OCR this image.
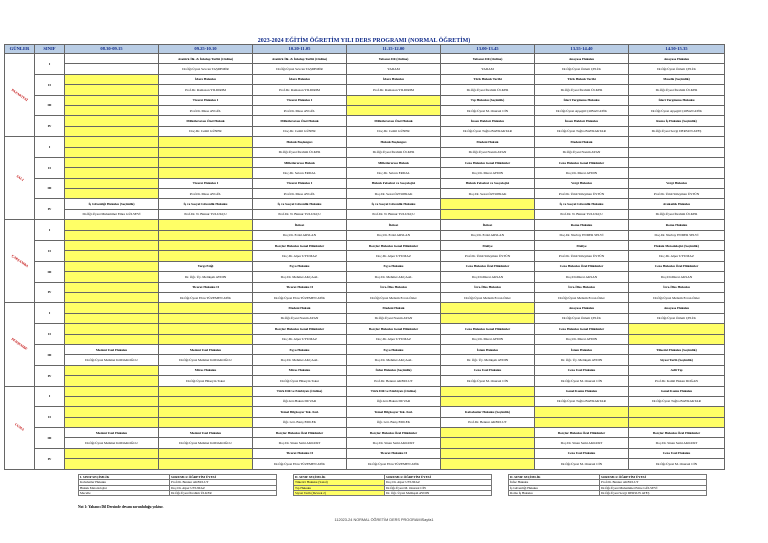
2023-2024 EĞİTİM ÖĞRETİM YILI DERS PROGRAMI (NORMAL ÖĞRETİM)
GÜNLER	SINIF	08.30-09.15	09.25-10.10	10.20-11.05	11.15-12.00	13.00-13.45	13.55-14.40	14.50-15.35
PAZARTESİ	I		Atatürk İlk. & İnkılap Tarihi (Online)	Atatürk İlk. & İnkılap Tarihi (Online)	Yabancı Dil (Online)	Yabancı Dil (Online)	Anayasa Hukuku	Anayasa Hukuku
			Dr.Öğr.Üyesi Sevcan TAŞDEMİR	Dr.Öğr.Üyesi Sevcan TAŞDEMİR	YADAM	YADAM	Dr.Öğr.Üyesi Özlem ÇELİK	Dr.Öğr.Üyesi Özlem ÇELİK
	II		İdare Hukuku	İdare Hukuku	İdare Hukuku	Türk Hukuk Tarihi	Türk Hukuk Tarihi	Meselle (Seçimlik)
			Prof.Dr. Ramazan YILDIRIM	Prof.Dr. Ramazan YILDIRIM	Prof.Dr. Ramazan YILDIRIM	Dr.Öğr.Üyesi İbrahim ÜLKER	Dr.Öğr.Üyesi İbrahim ÜLKER	Dr.Öğr.Üyesi İbrahim ÜLKER
	III		Ticaret Hukuku I	Ticaret Hukuku I		Tıp Hukuku (Seçimlik)	İdari Yargılama Hukuku	İdari Yargılama Hukuku
			Prof.Dr. Musa AYGÜL	Prof.Dr. Musa AYGÜL		Dr.Öğr.Üyesi M. Onursal CİN	Dr.Öğr.Üyesi Ayşegül ÇOBAN ATİK	Dr.Öğr.Üyesi Ayşegül ÇOBAN ATİK
	IV		Milletlerarası Özel Hukuk	Milletlerarası Özel Hukuk	Milletlerarası Özel Hukuk	İnsan Hakları Hukuku	İnsan Hakları Hukuku	Roma İş Hukuku (Seçimlik)
			Doç.Dr. Cemil GÜNER	Doç.Dr. Cemil GÜNER	Doç.Dr. Cemil GÜNER	Dr.Öğr.Üyesi Tuğba BAYRAKTAR	Dr.Öğr.Üyesi Tuğba BAYRAKTAR	Dr.Öğr.Üyesi Sevgi DERSUN ATEŞ
SALI	I			Hukuk Başlangıcı	Hukuk Başlangıcı	Medeni Hukuk	Medeni Hukuk	
				Dr.Öğr.Üyesi İbrahim ÜLKER	Dr.Öğr.Üyesi İbrahim ÜLKER	Dr.Öğr.Üyesi Nazım AYAN	Dr.Öğr.Üyesi Nazım AYAN	
	II			Milletlerarası Hukuk	Milletlerarası Hukuk	Ceza Hukuku Genel Hükümler	Ceza Hukuku Genel Hükümler	
				Doç.Dr. Selcen ERDAL	Doç.Dr. Selcen ERDAL	Doç.Dr. Murat AYDIN	Doç.Dr. Murat AYDIN	
	III		Ticaret Hukuku I	Ticaret Hukuku I	Hukuk Felsefesi ve Sosyolojisi	Hukuk Felsefesi ve Sosyolojisi	Vergi Hukuku	Vergi Hukuku
			Prof.Dr. Musa AYGÜL	Prof.Dr. Musa AYGÜL	Doç.Dr. Sezai ÖZTOPRAK	Doç.Dr. Sezai ÖZTOPRAK	Prof.Dr. Ümit Süleyman ÜSTÜN	Prof.Dr. Ümit Süleyman ÜSTÜN
	IV	İş Güvenliği Hukuku (Seçimlik)	İş ve Sosyal Güvenlik Hukuku	İş ve Sosyal Güvenlik Hukuku	İş ve Sosyal Güvenlik Hukuku		İş ve Sosyal Güvenlik Hukuku	Avukatlık Hukuku
		Dr.Öğr.Üyesi Muhammet Emre GÜLSEVİ	Prof.Dr. N. Binnur TULUKÇU	Prof.Dr. N. Binnur TULUKÇU	Prof.Dr. N. Binnur TULUKÇU		Prof.Dr. N. Binnur TULUKÇU	Dr.Öğr.Üyesi İbrahim ÜLKER
ÇARŞAMBA	I			İktisat	İktisat	İktisat	Roma Hukuku	Roma Hukuku
				Doç.Dr. Erdal ARSLAN	Doç.Dr. Erdal ARSLAN	Doç.Dr. Erdal ARSLAN	Doç.Dr. Nurbay ENDER SELVİ	Doç.Dr. Nurbay ENDER SELVİ
	II			Borçlar Hukuku Genel Hükümler	Borçlar Hukuku Genel Hükümler	Maliye	Maliye	Hukuk Metodolojisi (Seçimlik)
				Doç.Dr. Alper UYUMAZ	Doç.Dr. Alper UYUMAZ	Prof.Dr. Ümit Süleyman ÜSTÜN	Prof.Dr. Ümit Süleyman ÜSTÜN	Doç.Dr. Alper UYUMAZ
	III		Yargı Etiği	Eşya Hukuku	Eşya Hukuku	Ceza Hukuku Özel Hükümler	Ceza Hukuku Özel Hükümler	Ceza Hukuku Özel Hükümler
			Dr. Öğr. Üy. Melikşah AYDIN	Doç.Dr. Mehmet AKÇAAL	Doç.Dr. Mehmet AKÇAAL	Doç.Dr.Murat AKSAN	Doç.Dr.Murat AKSAN	Doç.Dr.Murat AKSAN
	IV		Ticaret Hukuku II	Ticaret Hukuku II	İcra-İflas Hukuku	İcra-İflas Hukuku	İcra-İflas Hukuku	İcra-İflas Hukuku
			Dr.Öğr.Üyesi Ebru TÜZEMEN ATİK	Dr.Öğr.Üyesi Ebru TÜZEMEN ATİK	Dr.Öğr.Üyesi Meltem Ercan Özler	Dr.Öğr.Üyesi Meltem Ercan Özler	Dr.Öğr.Üyesi Meltem Ercan Özler	Dr.Öğr.Üyesi Meltem Ercan Özler
PERŞEMBE	I			Medeni Hukuk	Medeni Hukuk		Anayasa Hukuku	Anayasa Hukuku
				Dr.Öğr.Üyesi Nazım AYAN	Dr.Öğr.Üyesi Nazım AYAN		Dr.Öğr.Üyesi Özlem ÇELİK	Dr.Öğr.Üyesi Özlem ÇELİK
	II			Borçlar Hukuku Genel Hükümler	Borçlar Hukuku Genel Hükümler	Ceza Hukuku Genel Hükümler	Ceza Hukuku Genel Hükümler	
				Doç.Dr. Alper UYUMAZ	Doç.Dr. Alper UYUMAZ	Doç.Dr. Murat AYDIN	Doç.Dr. Murat AYDIN	
	III	Medeni Usul Hukuku	Medeni Usul Hukuku	Eşya Hukuku	Eşya Hukuku	İslam Hukuku	İslam Hukuku	Tüketici Hukuku (Seçimlik)
		Dr.Öğr.Üyesi Mehmet KODAKOĞLU	Dr.Öğr.Üyesi Mehmet KODAKOĞLU	Doç.Dr. Mehmet AKÇAAL	Doç.Dr. Mehmet AKÇAAL	Dr. Öğr. Üy. Melikşah AYDIN	Dr. Öğr. Üy. Melikşah AYDIN	Siyasi Tarih (Seçimlik)
	IV		Miras Hukuku	Miras Hukuku	İnfaz Hukuku (Seçimlik)	Ceza Usul Hukuku	Ceza Usul Hukuku	Adli Tıp
			Dr.Öğr.Üyesi Hüseyin Tokat	Dr.Öğr.Üyesi Hüseyin Tokat	Prof.Dr. Bennur AKBULUT	Dr.Öğr.Üyesi M. Onursal CİN	Dr.Öğr.Üyesi M. Onursal CİN	Prof.Dr. Kamil Hakan DOĞAN
CUMA	I			Türk Dili ve Edebiyatı (Online)	Türk Dili ve Edebiyatı (Online)		Genel Kamu Hukuku	Genel Kamu Hukuku
				Öğr.Gör.Hakan DUVAR	Öğr.Gör.Hakan DUVAR		Dr.Öğr.Üyesi Tuğba BAYRAKTAR	Dr.Öğr.Üyesi Tuğba BAYRAKTAR
	II			Temel Bilgisayar Tek. Kul.	Temel Bilgisayar Tek. Kul.	Kabahatler Hukuku (Seçimlik)		
				Öğr. Gör. Barış EMLEK	Öğr. Gör. Barış EMLEK	Prof.Dr. Bennur AKBULUT		
	III	Medeni Usul Hukuku	Medeni Usul Hukuku	Borçlar Hukuku Özel Hükümler	Borçlar Hukuku Özel Hükümler		Borçlar Hukuku Özel Hükümler	Borçlar Hukuku Özel Hükümler
		Dr.Öğr.Üyesi Mehmet KODAKOĞLU	Dr.Öğr.Üyesi Mehmet KODAKOĞLU	Doç.Dr. Sinan Sami AKKURT	Doç.Dr. Sinan Sami AKKURT		Doç.Dr. Sinan Sami AKKURT	Doç.Dr. Sinan Sami AKKURT
	IV			Ticaret Hukuku II	Ticaret Hukuku II		Ceza Usul Hukuku	Ceza Usul Hukuku
				Dr.Öğr.Üyesi Ebru TÜZEMEN ATİK	Dr.Öğr.Üyesi Ebru TÜZEMEN ATİK		Dr.Öğr.Üyesi M. Onursal CİN	Dr.Öğr.Üyesi M. Onursal CİN
I. SINIF SEÇİMLİK	SORUMLU ÖĞRETİM ÜYESİ		II. SINIF SEÇİMLİK	SORUMLU ÖĞRETİM ÜYESİ		II. SINIF SEÇİMLİK	SORUMLU ÖĞRETİM ÜYESİ
Kabahatler Hukuku	Prof.Dr. Bennur AKBULUT		Tüketici Hukuku (Sanal)	Doç.Dr. Alper UYUMAZ		İnfaz Hukuku	Prof.Dr. Bennur AKBULUT
Hukuk Metodolojisi	Doç.Dr. Alper UYUMAZ		Tıp Hukuku	Dr.Öğr.Üyesi M. Onursal CİN		İş Güvenliği Hukuku	Dr.Öğr.Üyesi Muhammet Emre GÜLSEVİ
Mecelle	Dr.Öğr.Üyesi İbrahim ÜLKER		Siyasi Tarih (Devrek 2)	Dr. Öğr. Üyesi Melikşah AYDIN		Roma İş Hukuku	Dr.Öğr.Üyesi Sevgi DERSUN ATEŞ
Not 1: Yabancı Dil Dersinde devam zorunluluğu yoktur.
112023-24 NORMAL ÖĞRETİM DERS PROGRAMISayfa1
